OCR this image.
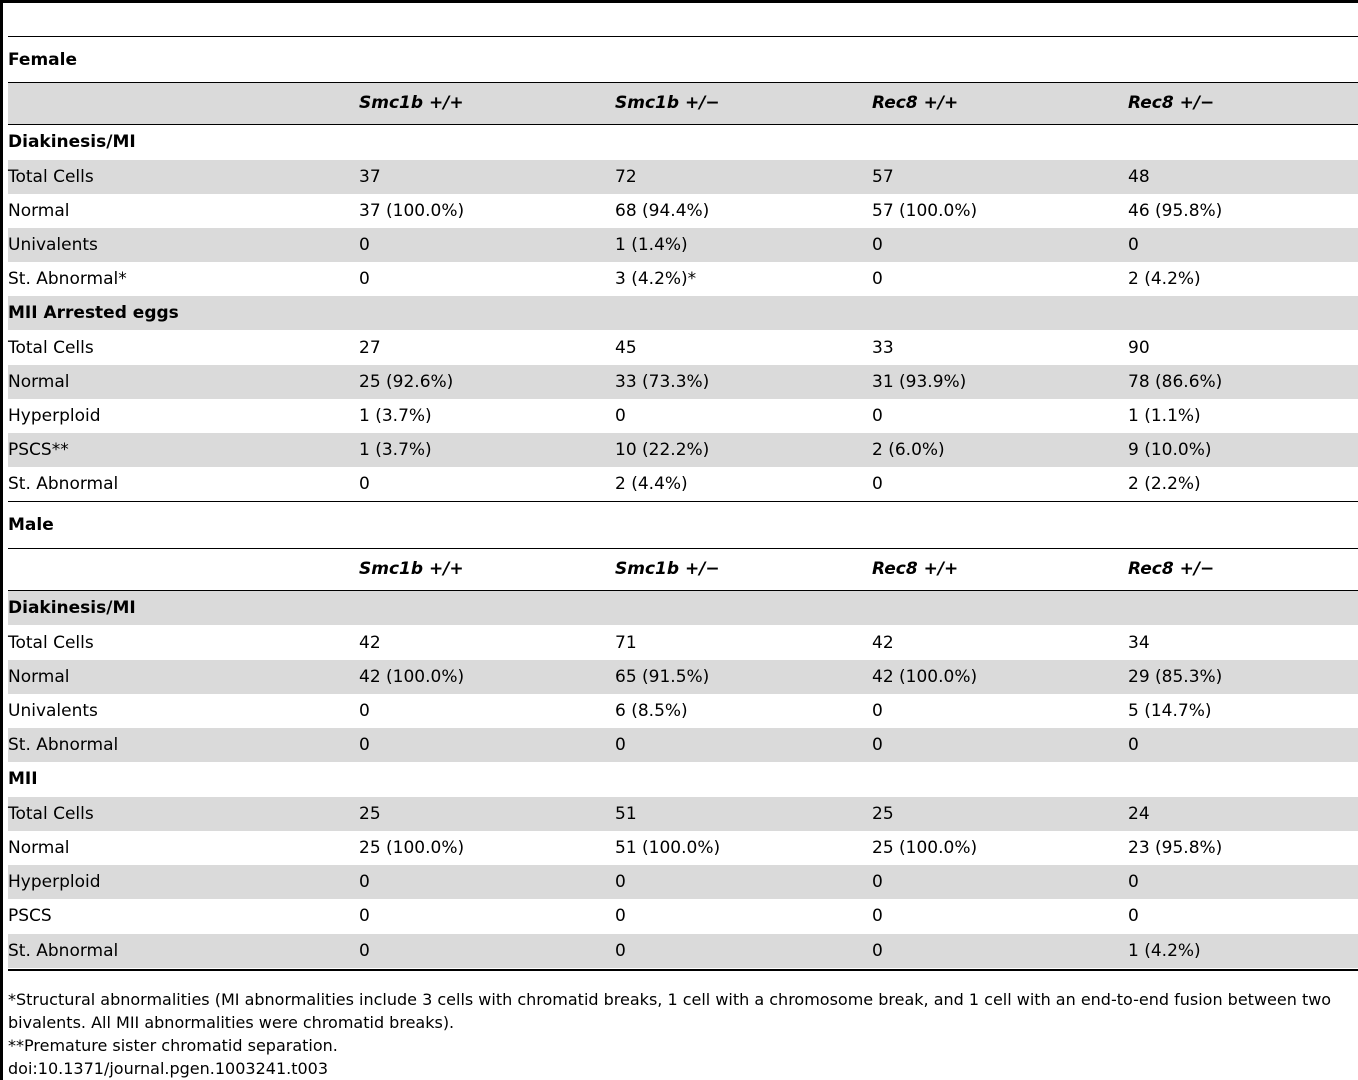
Female
Smc1b +/+	Smc1b +/−	Rec8 +/+	Rec8 +/−
Diakinesis/MI
Total Cells	37	72	57	48
Normal	37 (100.0%)	68 (94.4%)	57 (100.0%)	46 (95.8%)
Univalents	0	1 (1.4%)	0	0
St. Abnormal*	0	3 (4.2%)*	0	2 (4.2%)
MII Arrested eggs
Total Cells	27	45	33	90
Normal	25 (92.6%)	33 (73.3%)	31 (93.9%)	78 (86.6%)
Hyperploid	1 (3.7%)	0	0	1 (1.1%)
PSCS**	1 (3.7%)	10 (22.2%)	2 (6.0%)	9 (10.0%)
St. Abnormal	0	2 (4.4%)	0	2 (2.2%)
Male
Smc1b +/+	Smc1b +/−	Rec8 +/+	Rec8 +/−
Diakinesis/MI
Total Cells	42	71	42	34
Normal	42 (100.0%)	65 (91.5%)	42 (100.0%)	29 (85.3%)
Univalents	0	6 (8.5%)	0	5 (14.7%)
St. Abnormal	0	0	0	0
MII
Total Cells	25	51	25	24
Normal	25 (100.0%)	51 (100.0%)	25 (100.0%)	23 (95.8%)
Hyperploid	0	0	0	0
PSCS	0	0	0	0
St. Abnormal	0	0	0	1 (4.2%)
*Structural abnormalities (MI abnormalities include 3 cells with chromatid breaks, 1 cell with a chromosome break, and 1 cell with an end-to-end fusion between two
bivalents. All MII abnormalities were chromatid breaks).
**Premature sister chromatid separation.
doi:10.1371/journal.pgen.1003241.t003
